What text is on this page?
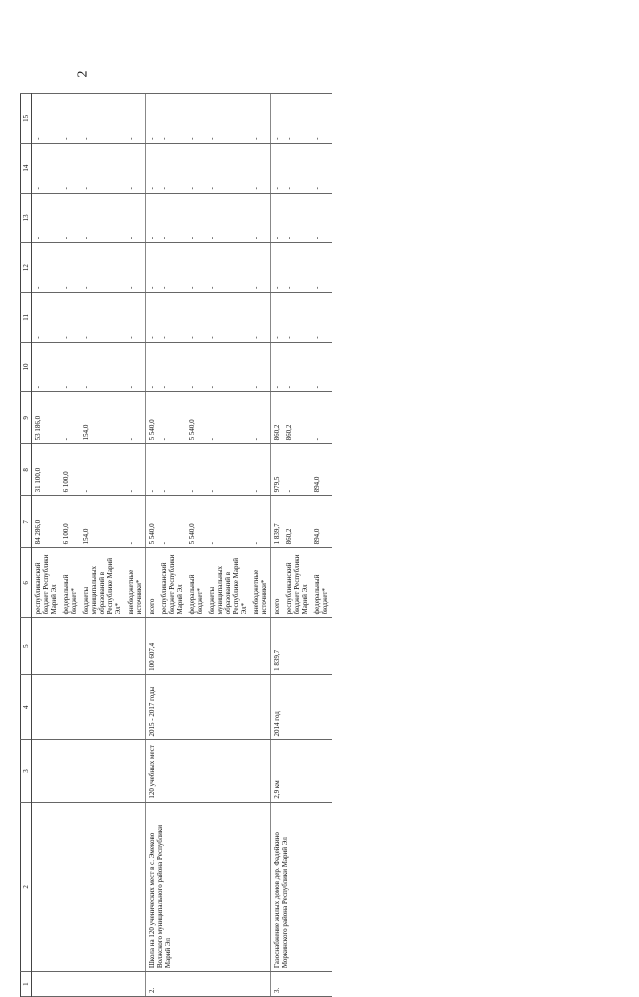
2
1	2	3	4	5	6	7	8	9	10	11	12	13	14	15
					республиканский бюджет Республики Марий Эл	84 286,0	31 100,0	53 186,0	-	-	-	-	-	-
					федеральный бюджет*	6 100,0	6 100,0	-	-	-	-	-	-	-
					бюджеты муниципальных образований в Республике Марий Эл*	154,0	-	154,0	-	-	-	-	-	-
					внебюджетные источники*	-	-	-	-	-	-	-	-	-
2.	Школа на 120 ученических мест в с. Эмеково Волжского муниципального района Республики Марий Эл	120 учебных мест	2015 - 2017 годы	100 607,4	всего	5 540,0	-	5 540,0	-	-	-	-	-	-
					республиканский бюджет Республики Марий Эл	-	-	-	-	-	-	-	-	-
					федеральный бюджет*	5 540,0	-	5 540,0	-	-	-	-	-	-
					бюджеты муниципальных образований в Республике Марий Эл*	-	-	-	-	-	-	-	-	-
					внебюджетные источники*	-	-	-	-	-	-	-	-	-
3.	Газоснабжение жилых домов дер. Фадейкино Моркинского района Республики Марий Эл	2,9 км	2014 год	1 839,7	всего	1 839,7	979,5	860,2	-	-	-	-	-	-
					республиканский бюджет Республики Марий Эл	860,2	-	860,2	-	-	-	-	-	-
					федеральный бюджет*	894,0	894,0	-	-	-	-	-	-	-
